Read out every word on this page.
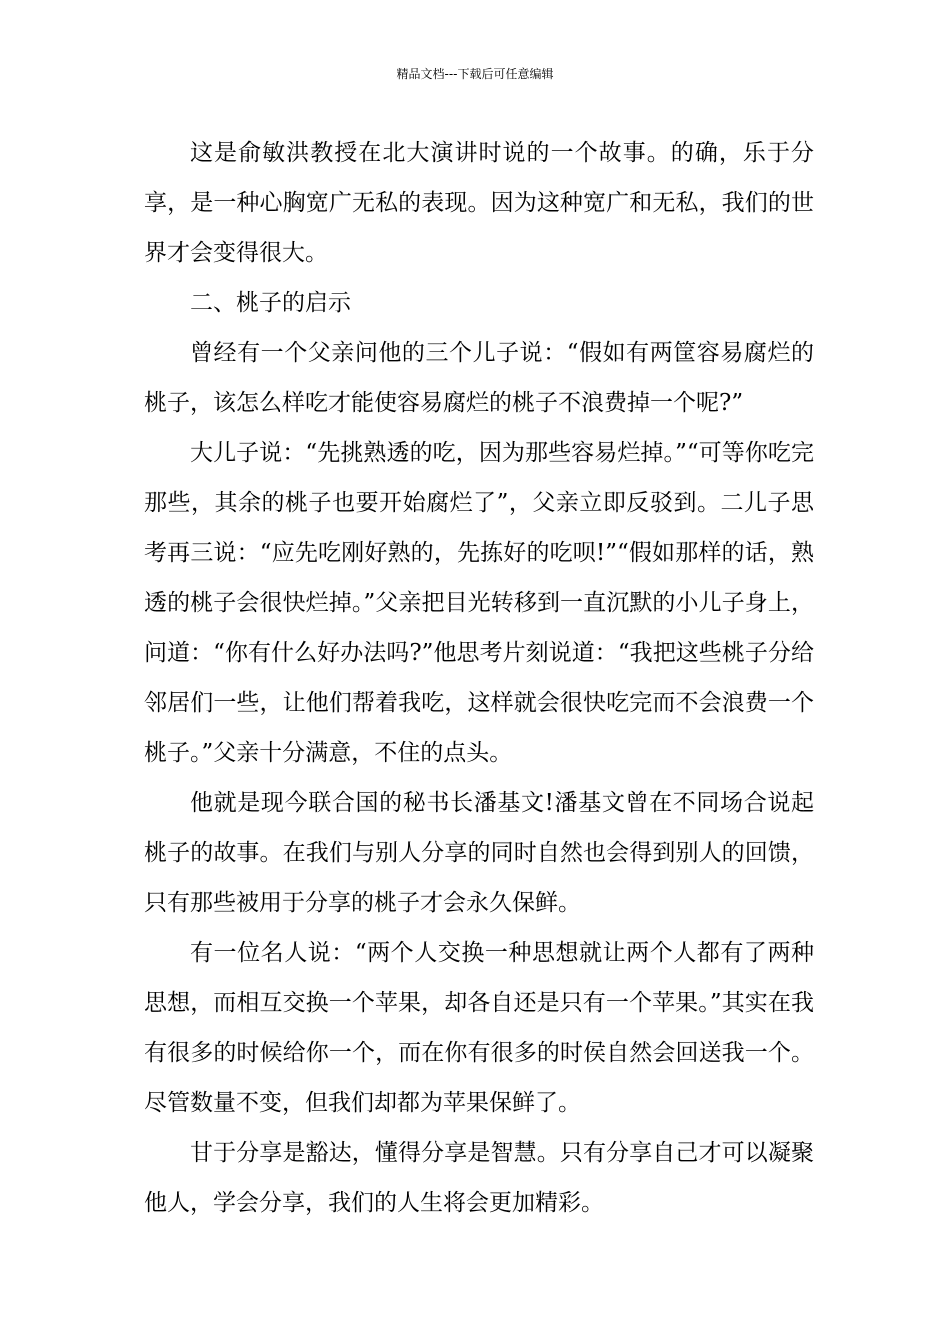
精品文档---下载后可任意编辑

这是俞敏洪教授在北大演讲时说的一个故事。的确，乐于分享，是一种心胸宽广无私的表现。因为这种宽广和无私，我们的世界才会变得很大。

二、桃子的启示

曾经有一个父亲问他的三个儿子说：“假如有两筐容易腐烂的桃子，该怎么样吃才能使容易腐烂的桃子不浪费掉一个呢?”

大儿子说：“先挑熟透的吃，因为那些容易烂掉。”“可等你吃完那些，其余的桃子也要开始腐烂了”，父亲立即反驳到。二儿子思考再三说：“应先吃刚好熟的，先拣好的吃呗!”“假如那样的话，熟透的桃子会很快烂掉。”父亲把目光转移到一直沉默的小儿子身上，问道：“你有什么好办法吗?”他思考片刻说道：“我把这些桃子分给邻居们一些，让他们帮着我吃，这样就会很快吃完而不会浪费一个桃子。”父亲十分满意，不住的点头。

他就是现今联合国的秘书长潘基文!潘基文曾在不同场合说起桃子的故事。在我们与别人分享的同时自然也会得到别人的回馈，只有那些被用于分享的桃子才会永久保鲜。

有一位名人说：“两个人交换一种思想就让两个人都有了两种思想，而相互交换一个苹果，却各自还是只有一个苹果。”其实在我有很多的时候给你一个，而在你有很多的时侯自然会回送我一个。尽管数量不变，但我们却都为苹果保鲜了。

甘于分享是豁达，懂得分享是智慧。只有分享自己才可以凝聚他人，学会分享，我们的人生将会更加精彩。
